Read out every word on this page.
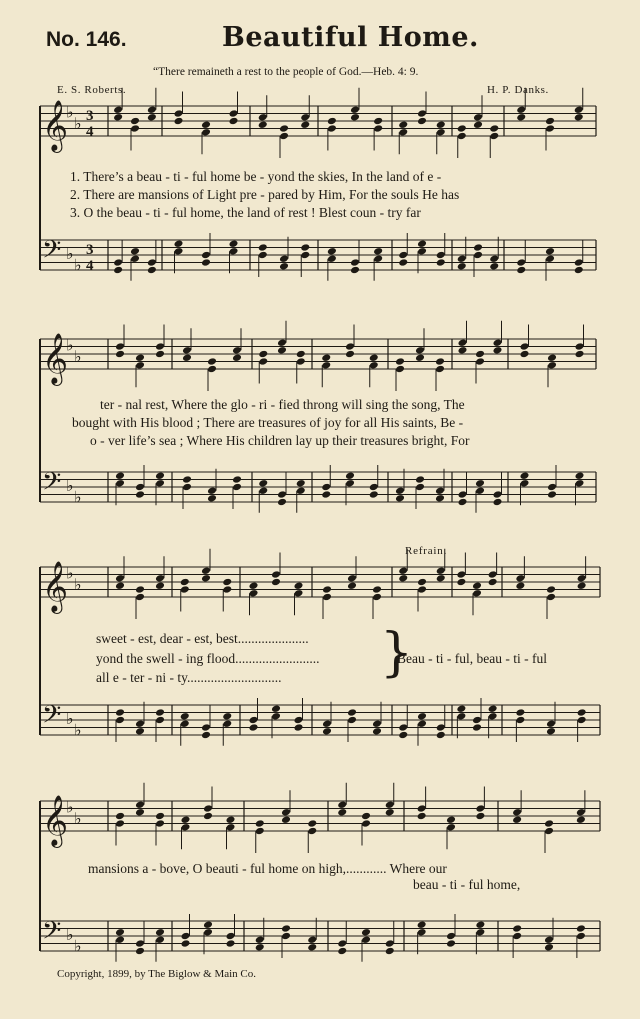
No. 146.	Beautiful Home.
“There remaineth a rest to the people of God.—Heb. 4: 9.
E. S. Roberts.	H. P. Danks.
𝄞
♭
♭ 3
4
𝄢 ♭
♭
3
4
𝄞
♭
♭
𝄢 ♭
♭
𝄞
♭
♭
𝄢 ♭
♭
𝄞
♭
♭
𝄢 ♭
♭
1. There’s a beau - ti - ful home be - yond the skies, In the land of e -
2. There are mansions of Light pre - pared by Him, For the souls He has
3. O the beau - ti - ful home, the land of rest ! Blest coun - try far
ter - nal rest, Where the glo - ri - fied throng will sing the song, The
bought with His blood ; There are treasures of joy for all His saints, Be -
o - ver life’s sea ; Where His children lay up their treasures bright, For
Refrain.
sweet - est, dear - est, best.....................
yond the swell - ing flood.........................
all e - ter - ni - ty............................ }
Beau - ti - ful, beau - ti - ful
mansions a - bove, O beauti - ful home on high,............ Where our
beau - ti - ful home,
Copyright, 1899, by The Biglow & Main Co.
